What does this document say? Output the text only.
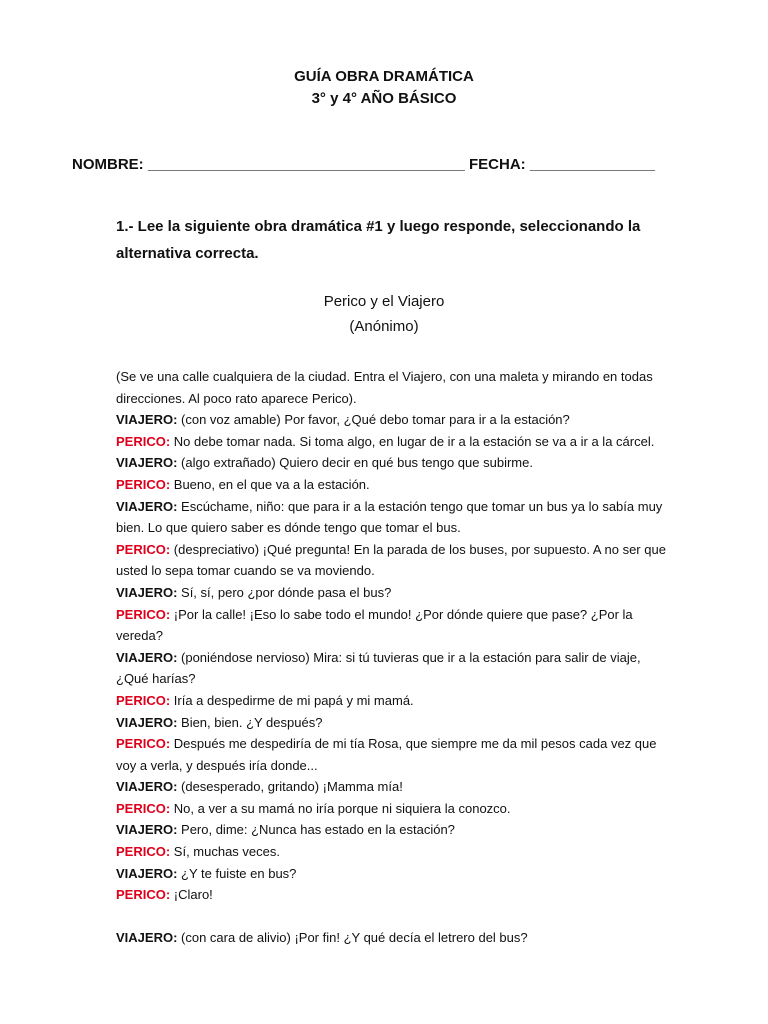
GUÍA OBRA DRAMÁTICA
3° y 4° AÑO BÁSICO
NOMBRE: ______________________________________ FECHA: _______________
1.- Lee la siguiente obra dramática #1 y luego responde, seleccionando la alternativa correcta.
Perico y el Viajero
(Anónimo)

(Se ve una calle cualquiera de la ciudad. Entra el Viajero, con una maleta y mirando en todas direcciones. Al poco rato aparece Perico).

VIAJERO: (con voz amable) Por favor, ¿Qué debo tomar para ir a la estación?

PERICO: No debe tomar nada. Si toma algo, en lugar de ir a la estación se va a ir a la cárcel.

VIAJERO: (algo extrañado) Quiero decir en qué bus tengo que subirme.

PERICO: Bueno, en el que va a la estación.

VIAJERO: Escúchame, niño: que para ir a la estación tengo que tomar un bus ya lo sabía muy bien. Lo que quiero saber es dónde tengo que tomar el bus.

PERICO: (despreciativo) ¡Qué pregunta! En la parada de los buses, por supuesto. A no ser que usted lo sepa tomar cuando se va moviendo.

VIAJERO: Sí, sí, pero ¿por dónde pasa el bus?

PERICO: ¡Por la calle! ¡Eso lo sabe todo el mundo! ¿Por dónde quiere que pase? ¿Por la vereda?

VIAJERO: (poniéndose nervioso) Mira: si tú tuvieras que ir a la estación para salir de viaje, ¿Qué harías?

PERICO: Iría a despedirme de mi papá y mi mamá.

VIAJERO: Bien, bien. ¿Y después?

PERICO: Después me despediría de mi tía Rosa, que siempre me da mil pesos cada vez que voy a verla, y después iría donde...

VIAJERO: (desesperado, gritando) ¡Mamma mía!

PERICO: No, a ver a su mamá no iría porque ni siquiera la conozco.

VIAJERO: Pero, dime: ¿Nunca has estado en la estación?

PERICO: Sí, muchas veces.

VIAJERO: ¿Y te fuiste en bus?

PERICO: ¡Claro!

VIAJERO: (con cara de alivio) ¡Por fin! ¿Y qué decía el letrero del bus?
